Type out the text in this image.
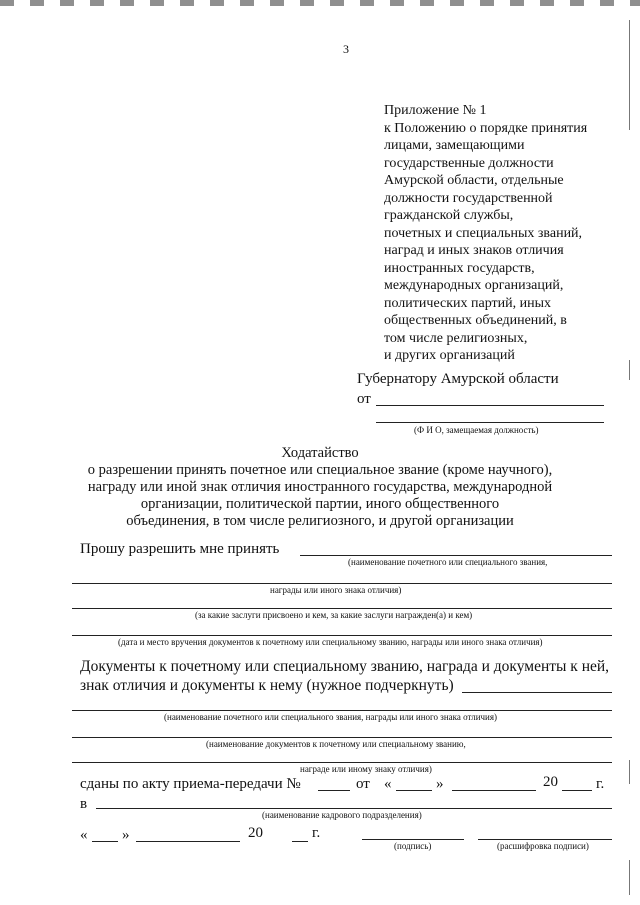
3
Приложение № 1
к Положению о порядке принятия
лицами, замещающими
государственные должности
Амурской области, отдельные
должности государственной
гражданской службы,
почетных и специальных званий,
наград и иных знаков отличия
иностранных государств,
международных организаций,
политических партий, иных
общественных объединений, в
том числе религиозных,
и других организаций
Губернатору Амурской области
от
(Ф И О, замещаемая должность)
Ходатайство
о разрешении принять почетное или специальное звание (кроме научного),
награду или иной знак отличия иностранного государства, международной
организации, политической партии, иного общественного
объединения, в том числе религиозного, и другой организации
Прошу разрешить мне принять
(наименование почетного или специального звания,
награды или иного знака отличия)
(за какие заслуги присвоено и кем, за какие заслуги награжден(а) и кем)
(дата и место вручения документов к почетному или специальному званию, награды или иного знака отличия)
Документы к почетному или специальному званию, награда и документы к ней,
знак отличия и документы к нему (нужное подчеркнуть)
(наименование почетного или специального звания, награды или иного знака отличия)
(наименование документов к почетному или специальному званию,
награде или иному знаку отличия)
сданы по акту приема-передачи №	от «	»	20	г.
в
(наименование кадрового подразделения)
« »	20	г.
(подпись)	(расшифровка подписи)
